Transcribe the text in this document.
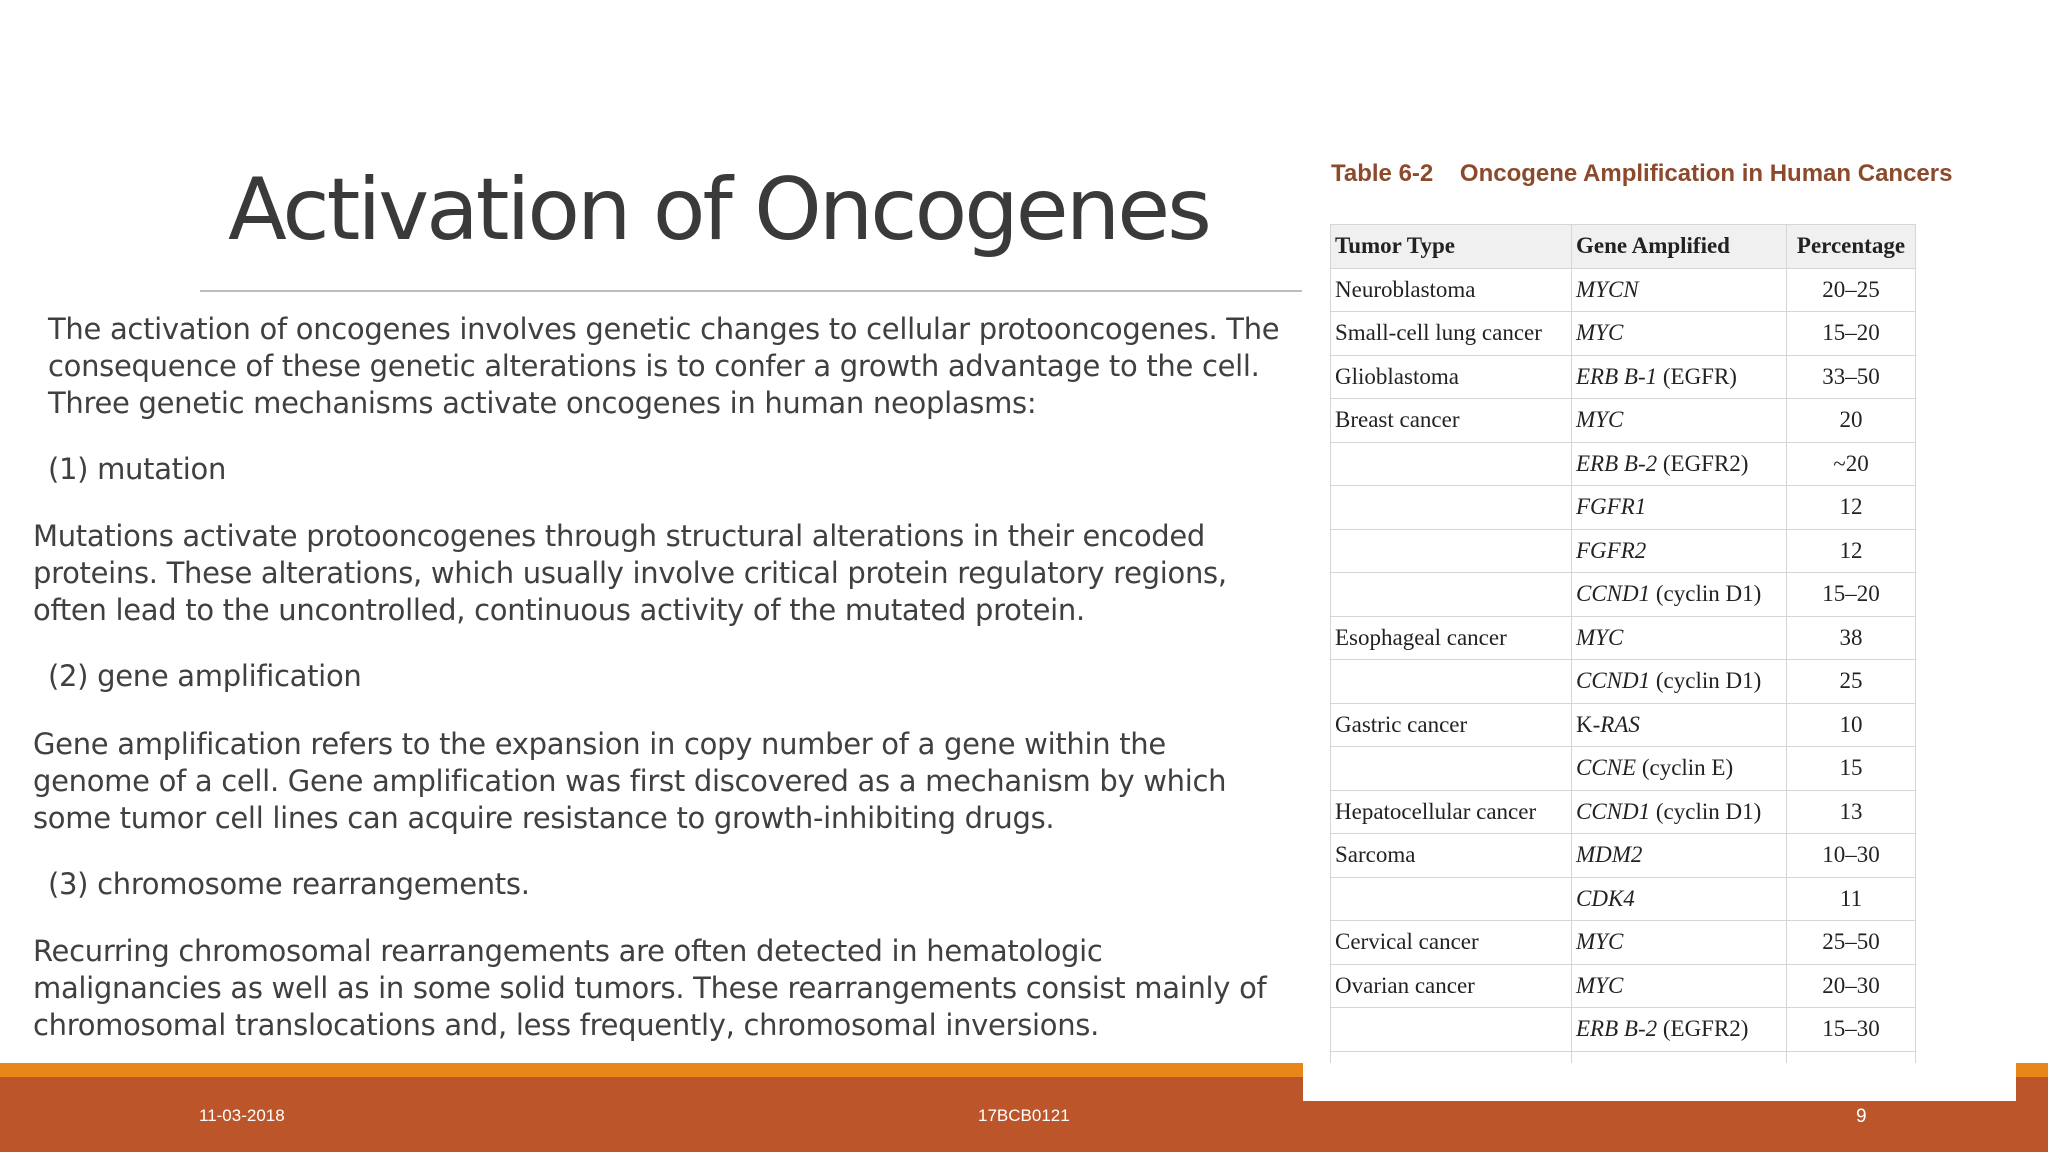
Activation of Oncogenes
The activation of oncogenes involves genetic changes to cellular protooncogenes. The
consequence of these genetic alterations is to confer a growth advantage to the cell.
Three genetic mechanisms activate oncogenes in human neoplasms:
(1) mutation
Mutations activate protooncogenes through structural alterations in their encoded
proteins. These alterations, which usually involve critical protein regulatory regions,
often lead to the uncontrolled, continuous activity of the mutated protein.
(2) gene amplification
Gene amplification refers to the expansion in copy number of a gene within the
genome of a cell. Gene amplification was first discovered as a mechanism by which
some tumor cell lines can acquire resistance to growth-inhibiting drugs.
(3) chromosome rearrangements.
Recurring chromosomal rearrangements are often detected in hematologic
malignancies as well as in some solid tumors. These rearrangements consist mainly of
chromosomal translocations and, less frequently, chromosomal inversions.
Table 6-2    Oncogene Amplification in Human Cancers
Tumor Type	Gene Amplified	Percentage
Neuroblastoma	MYCN	20–25
Small-cell lung cancer	MYC	15–20
Glioblastoma	ERB B-1 (EGFR)	33–50
Breast cancer	MYC	20
	ERB B-2 (EGFR2)	~20
	FGFR1	12
	FGFR2	12
	CCND1 (cyclin D1)	15–20
Esophageal cancer	MYC	38
	CCND1 (cyclin D1)	25
Gastric cancer	K-RAS	10
	CCNE (cyclin E)	15
Hepatocellular cancer	CCND1 (cyclin D1)	13
Sarcoma	MDM2	10–30
	CDK4	11
Cervical cancer	MYC	25–50
Ovarian cancer	MYC	20–30
	ERB B-2 (EGFR2)	15–30

11-03-2018	17BCB0121	9
